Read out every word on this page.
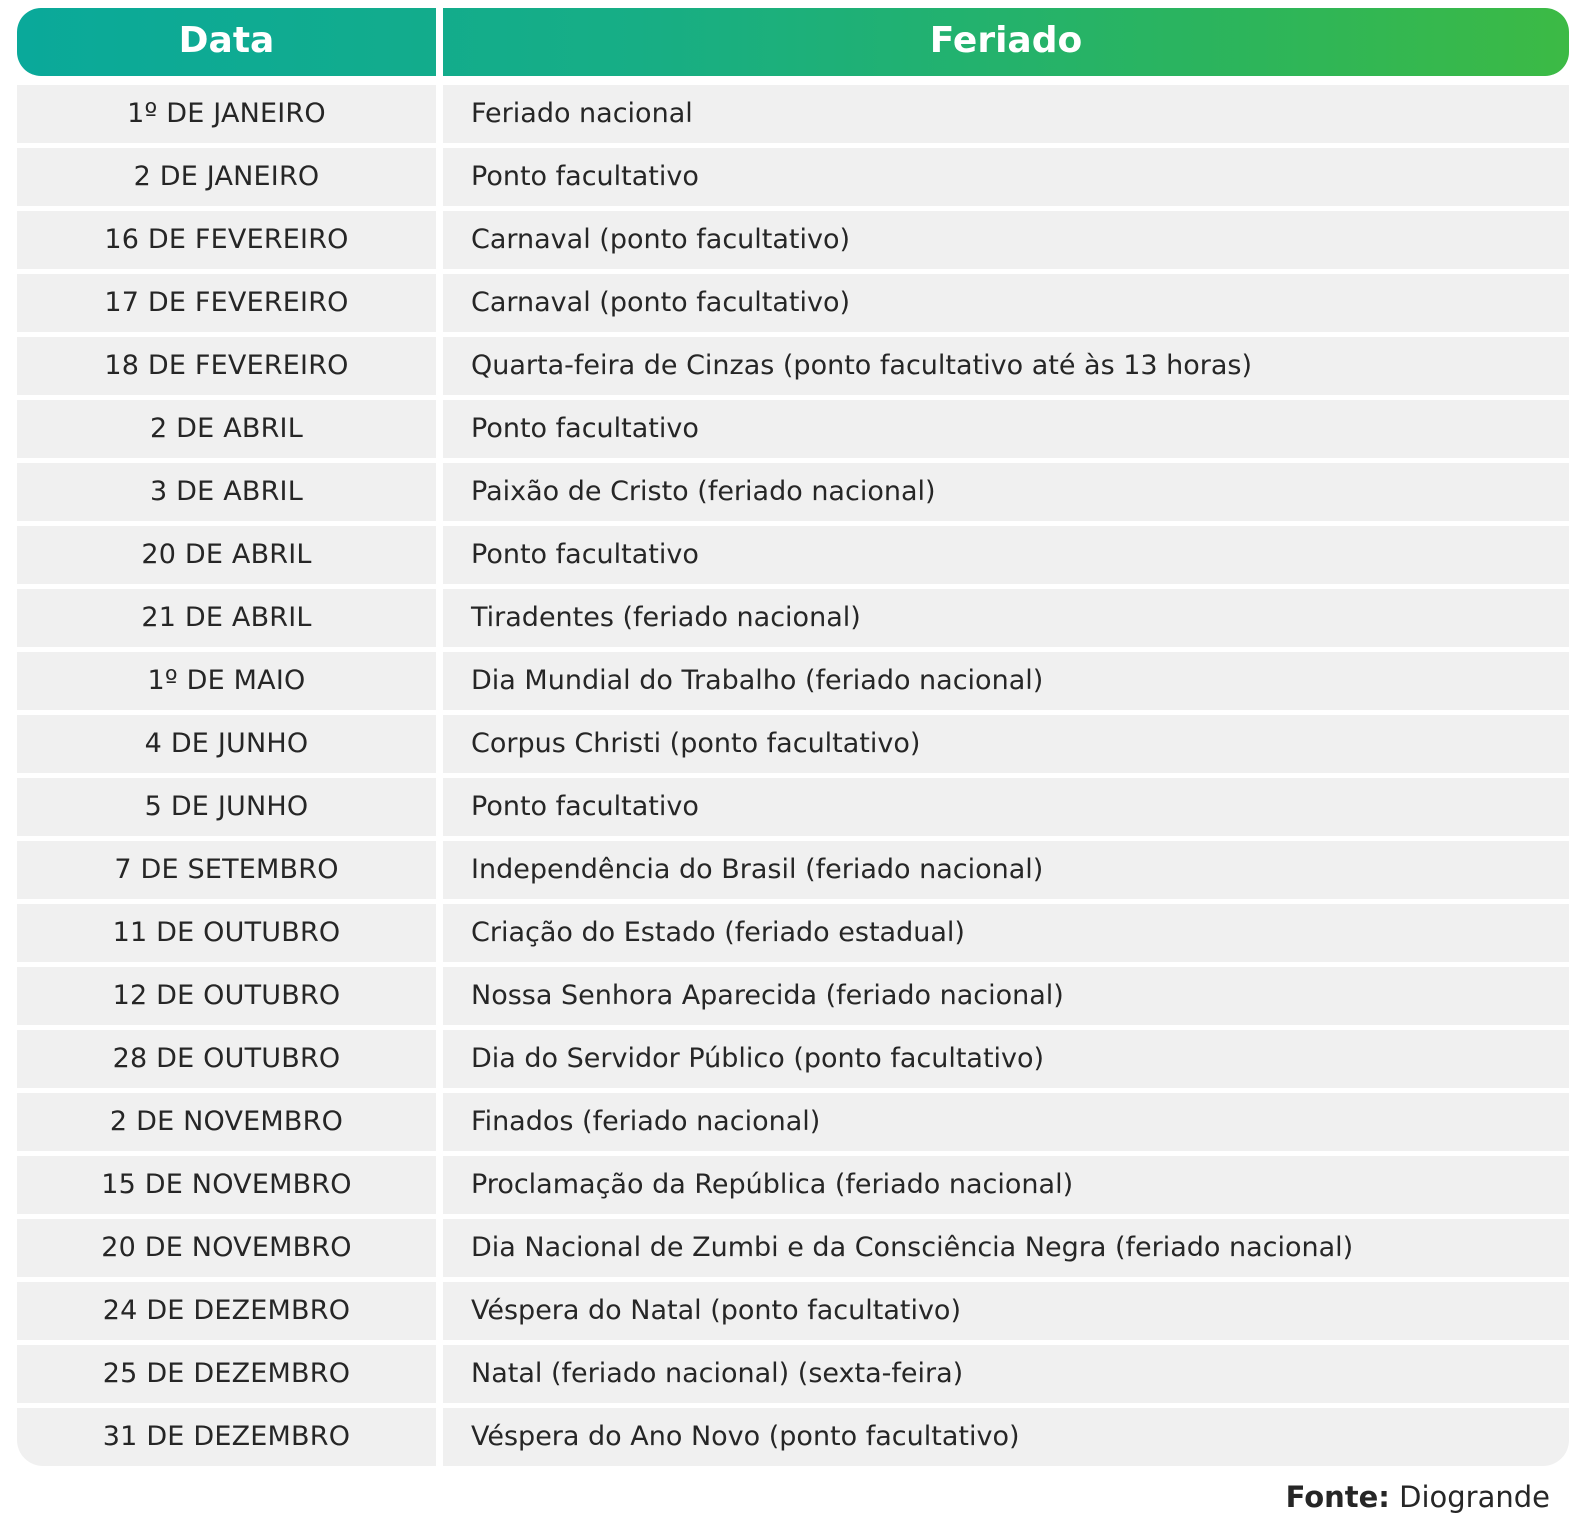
Data	Feriado
1º DE JANEIRO	Feriado nacional
2 DE JANEIRO	Ponto facultativo
16 DE FEVEREIRO	Carnaval (ponto facultativo)
17 DE FEVEREIRO	Carnaval (ponto facultativo)
18 DE FEVEREIRO	Quarta-feira de Cinzas (ponto facultativo até às 13 horas)
2 DE ABRIL	Ponto facultativo
3 DE ABRIL	Paixão de Cristo (feriado nacional)
20 DE ABRIL	Ponto facultativo
21 DE ABRIL	Tiradentes (feriado nacional)
1º DE MAIO	Dia Mundial do Trabalho (feriado nacional)
4 DE JUNHO	Corpus Christi (ponto facultativo)
5 DE JUNHO	Ponto facultativo
7 DE SETEMBRO	Independência do Brasil (feriado nacional)
11 DE OUTUBRO	Criação do Estado (feriado estadual)
12 DE OUTUBRO	Nossa Senhora Aparecida (feriado nacional)
28 DE OUTUBRO	Dia do Servidor Público (ponto facultativo)
2 DE NOVEMBRO	Finados (feriado nacional)
15 DE NOVEMBRO	Proclamação da República (feriado nacional)
20 DE NOVEMBRO	Dia Nacional de Zumbi e da Consciência Negra (feriado nacional)
24 DE DEZEMBRO	Véspera do Natal (ponto facultativo)
25 DE DEZEMBRO	Natal (feriado nacional) (sexta-feira)
31 DE DEZEMBRO	Véspera do Ano Novo (ponto facultativo)
Fonte: Diogrande
